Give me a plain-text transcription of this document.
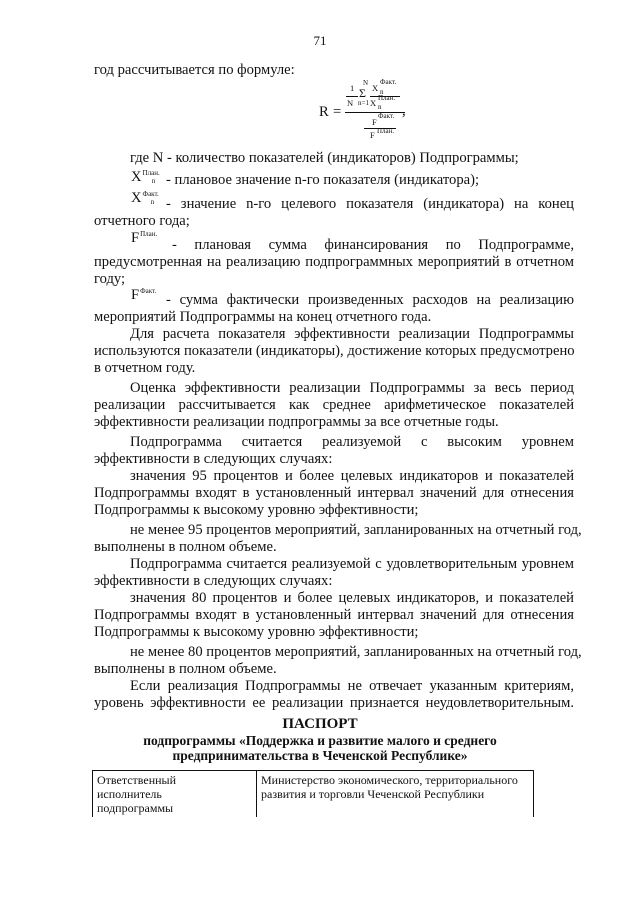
71
год рассчитывается по формуле:
R =
1
N
N
Σ
n=1
X
Факт.
n
X План.
n
F
Факт.
F План.
,
где N - количество показателей (индикаторов) Подпрограммы;
$X^{План.}_n$ - плановое значение n-го показателя (индикатора);
$X^{Факт.}_n$ - значение n-го целевого показателя (индикатора) на конец
отчетного года;
$F^{План.}$
- плановая сумма финансирования по Подпрограмме,
предусмотренная на реализацию подпрограммных мероприятий в отчетном
году;
$F^{Факт.}$
- сумма фактически произведенных расходов на реализацию
мероприятий Подпрограммы на конец отчетного года.
Для расчета показателя эффективности реализации Подпрограммы
используются показатели (индикаторы), достижение которых предусмотрено
в отчетном году.
Оценка эффективности реализации Подпрограммы за весь период
реализации рассчитывается как среднее арифметическое показателей
эффективности реализации подпрограммы за все отчетные годы.
Подпрограмма считается реализуемой с высоким уровнем
эффективности в следующих случаях:
значения 95 процентов и более целевых индикаторов и показателей
Подпрограммы входят в установленный интервал значений для отнесения
Подпрограммы к высокому уровню эффективности;
не менее 95 процентов мероприятий, запланированных на отчетный год,
выполнены в полном объеме.
Подпрограмма считается реализуемой с удовлетворительным уровнем
эффективности в следующих случаях:
значения 80 процентов и более целевых индикаторов, и показателей
Подпрограммы входят в установленный интервал значений для отнесения
Подпрограммы к высокому уровню эффективности;
не менее 80 процентов мероприятий, запланированных на отчетный год,
выполнены в полном объеме.
Если реализация Подпрограммы не отвечает указанным критериям,
уровень эффективности ее реализации признается неудовлетворительным.
ПАСПОРТ
подпрограммы «Поддержка и развитие малого и среднего
предпринимательства в Чеченской Республике»
Ответственный
исполнитель
подпрограммы
Министерство экономического, территориального
развития и торговли Чеченской Республики
